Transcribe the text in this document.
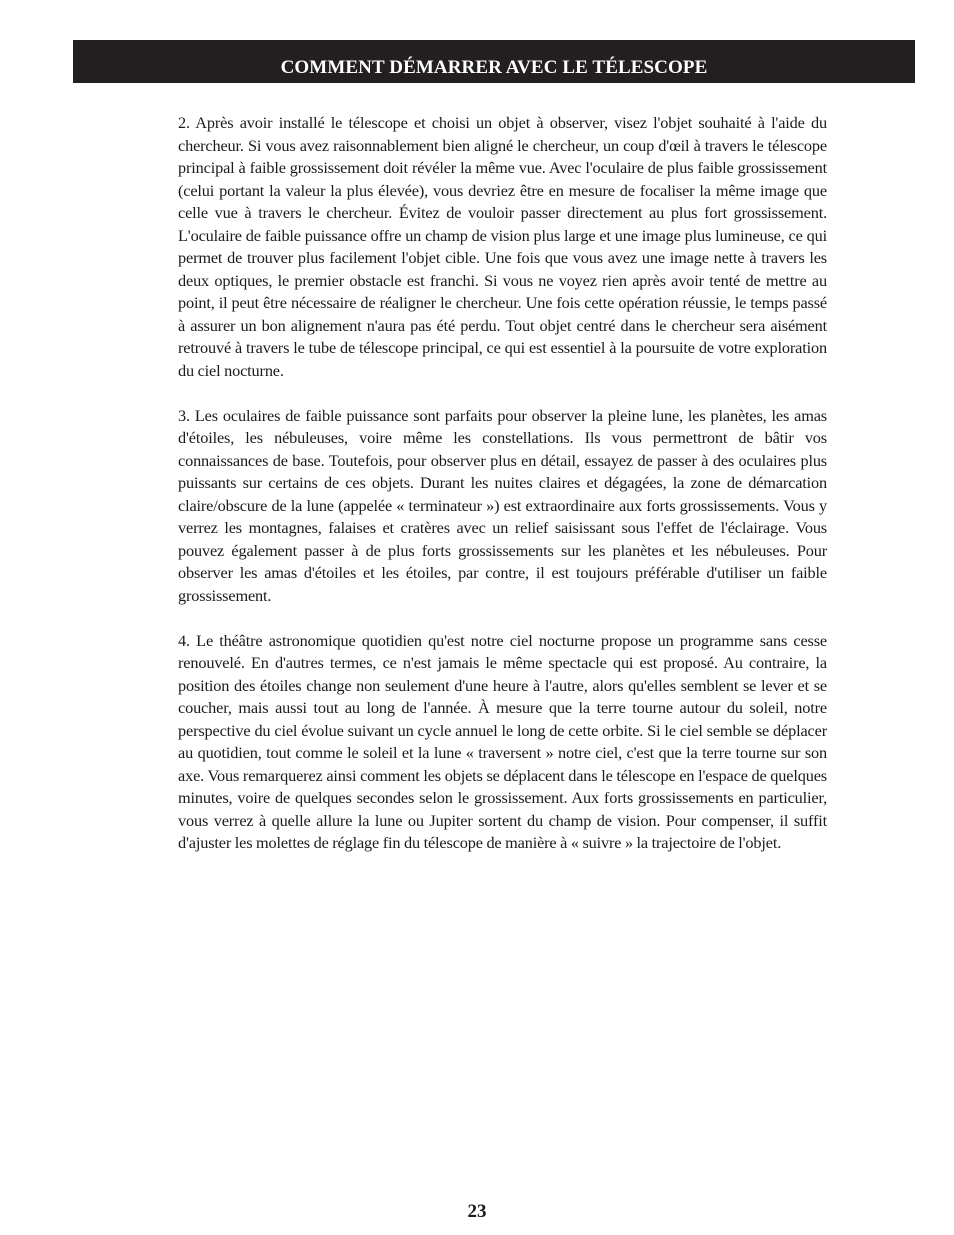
COMMENT DÉMARRER AVEC LE TÉLESCOPE

2. Après avoir installé le télescope et choisi un objet à observer, visez l'objet souhaité à l'aide du chercheur. Si vous avez raisonnablement bien aligné le chercheur, un coup d'œil à travers le télescope principal à faible grossissement doit révéler la même vue. Avec l'oculaire de plus faible grossissement (celui portant la valeur la plus élevée), vous devriez être en mesure de focaliser la même image que celle vue à travers le chercheur. Évitez de vouloir passer directement au plus fort grossissement. L'oculaire de faible puissance offre un champ de vision plus large et une image plus lumineuse, ce qui permet de trouver plus facilement l'objet cible. Une fois que vous avez une image nette à travers les deux optiques, le premier obstacle est franchi. Si vous ne voyez rien après avoir tenté de mettre au point, il peut être nécessaire de réaligner le chercheur. Une fois cette opération réussie, le temps passé à assurer un bon alignement n'aura pas été perdu. Tout objet centré dans le chercheur sera aisément retrouvé à travers le tube de télescope principal, ce qui est essentiel à la poursuite de votre exploration du ciel nocturne.

3. Les oculaires de faible puissance sont parfaits pour observer la pleine lune, les planètes, les amas d'étoiles, les nébuleuses, voire même les constellations. Ils vous permettront de bâtir vos connaissances de base. Toutefois, pour observer plus en détail, essayez de passer à des oculaires plus puissants sur certains de ces objets. Durant les nuites claires et dégagées, la zone de démarcation claire/obscure de la lune (appelée « terminateur ») est extraordinaire aux forts grossissements. Vous y verrez les montagnes, falaises et cratères avec un relief saisissant sous l'effet de l'éclairage. Vous pouvez également passer à de plus forts grossissements sur les planètes et les nébuleuses. Pour observer les amas d'étoiles et les étoiles, par contre, il est toujours préférable d'utiliser un faible grossissement.

4. Le théâtre astronomique quotidien qu'est notre ciel nocturne propose un programme sans cesse renouvelé. En d'autres termes, ce n'est jamais le même spectacle qui est proposé. Au contraire, la position des étoiles change non seulement d'une heure à l'autre, alors qu'elles semblent se lever et se coucher, mais aussi tout au long de l'année. À mesure que la terre tourne autour du soleil, notre perspective du ciel évolue suivant un cycle annuel le long de cette orbite. Si le ciel semble se déplacer au quotidien, tout comme le soleil et la lune « traversent » notre ciel, c'est que la terre tourne sur son axe. Vous remarquerez ainsi comment les objets se déplacent dans le télescope en l'espace de quelques minutes, voire de quelques secondes selon le grossissement. Aux forts grossissements en particulier, vous verrez à quelle allure la lune ou Jupiter sortent du champ de vision. Pour compenser, il suffit d'ajuster les molettes de réglage fin du télescope de manière à « suivre » la trajectoire de l'objet.

23
